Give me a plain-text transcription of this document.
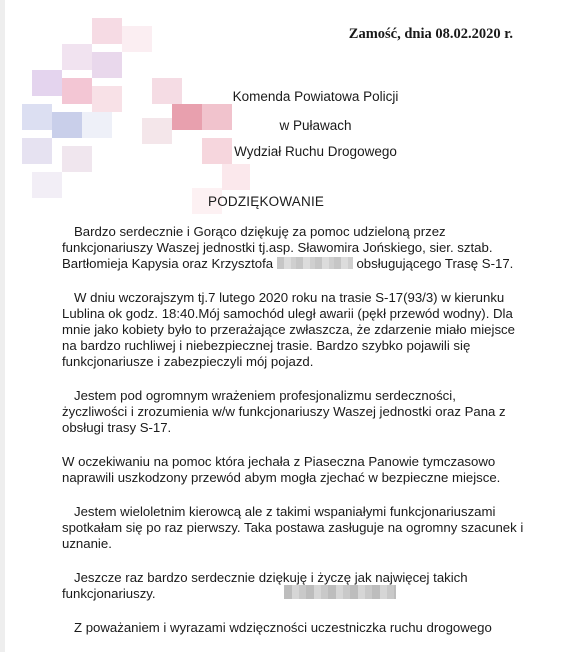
Zamość, dnia 08.02.2020 r.
Komenda Powiatowa Policji
w Puławach
Wydział Ruchu Drogowego
PODZIĘKOWANIE

Bardzo serdecznie i Gorąco dziękuję za pomoc udzieloną przez
funkcjonariuszy Waszej jednostki tj.asp. Sławomira Jońskiego, sier. sztab.
Bartłomieja Kapysia oraz Krzysztofa	obsługującego Trasę S-17.

W dniu wczorajszym tj.7 lutego 2020 roku na trasie S-17(93/3) w kierunku
Lublina ok godz. 18:40.Mój samochód uległ awarii (pękł przewód wodny). Dla
mnie jako kobiety było to przerażające zwłaszcza, że zdarzenie miało miejsce
na bardzo ruchliwej i niebezpiecznej trasie. Bardzo szybko pojawili się
funkcjonariusze i zabezpieczyli mój pojazd.

Jestem pod ogromnym wrażeniem profesjonalizmu serdeczności,
życzliwości i zrozumienia w/w funkcjonariuszy Waszej jednostki oraz Pana z
obsługi trasy S-17.

W oczekiwaniu na pomoc która jechała z Piaseczna Panowie tymczasowo
naprawili uszkodzony przewód abym mogła zjechać w bezpieczne miejsce.

Jestem wieloletnim kierowcą ale z takimi wspaniałymi funkcjonariuszami
spotkałam się po raz pierwszy. Taka postawa zasługuje na ogromny szacunek i
uznanie.

Jeszcze raz bardzo serdecznie dziękuję i życzę jak najwięcej takich
funkcjonariuszy.

Z poważaniem i wyrazami wdzięczności uczestniczka ruchu drogowego
